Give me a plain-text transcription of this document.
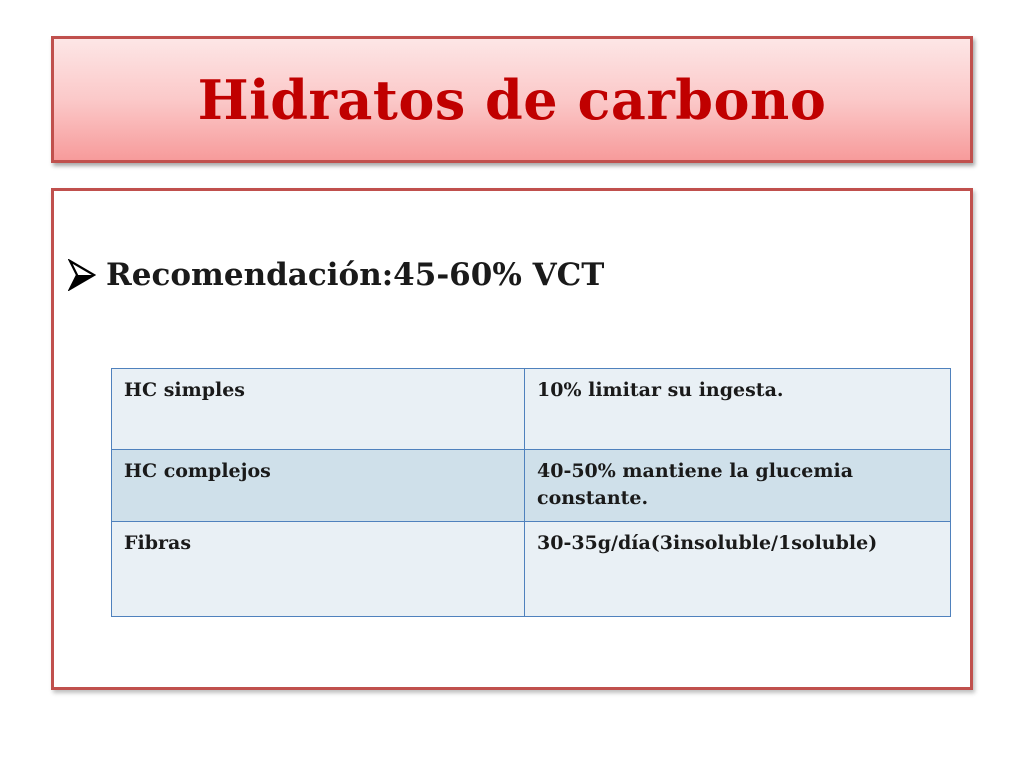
Hidratos de carbono
Recomendación:45-60% VCT
HC simples	10% limitar su ingesta.
HC complejos	40-50% mantiene la glucemia constante.
Fibras	30-35g/día(3insoluble/1soluble)
